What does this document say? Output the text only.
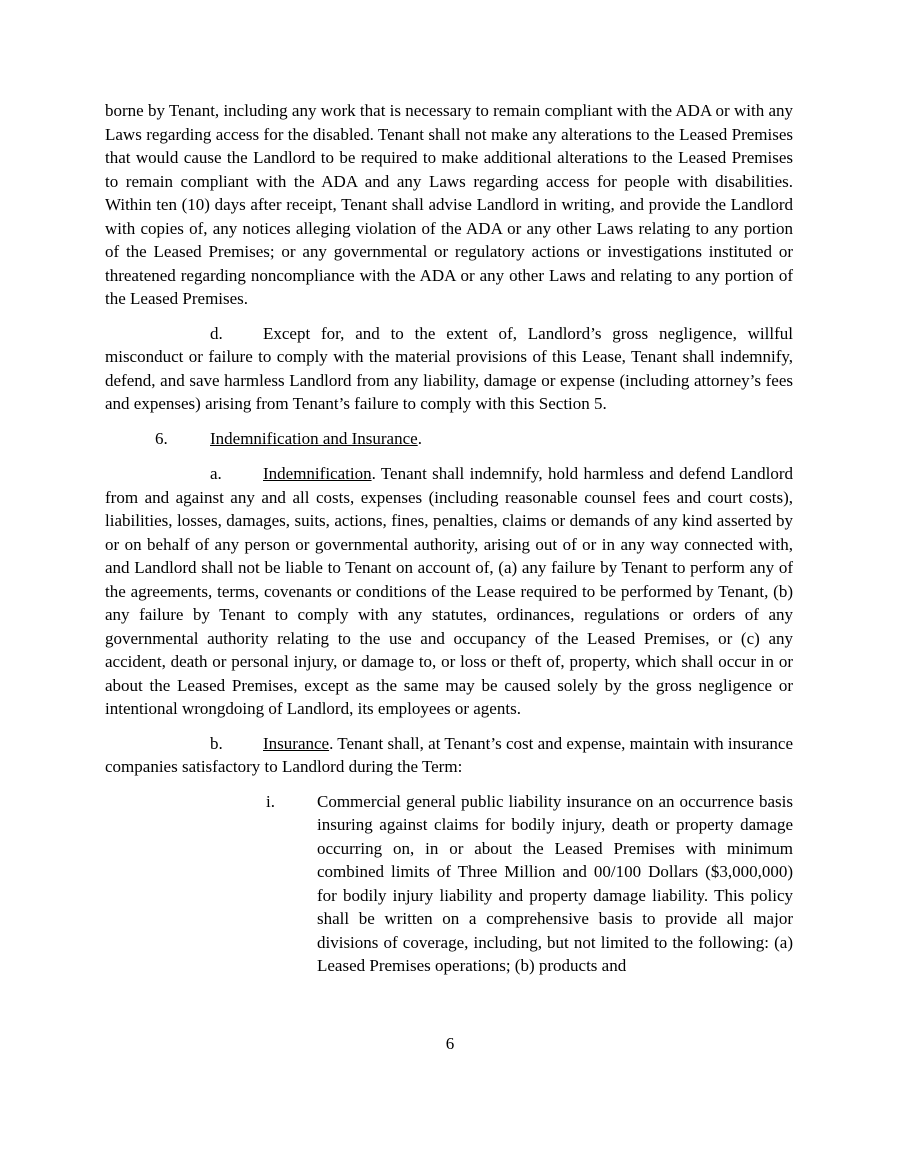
borne by Tenant, including any work that is necessary to remain compliant with the ADA or with any Laws regarding access for the disabled. Tenant shall not make any alterations to the Leased Premises that would cause the Landlord to be required to make additional alterations to the Leased Premises to remain compliant with the ADA and any Laws regarding access for people with disabilities. Within ten (10) days after receipt, Tenant shall advise Landlord in writing, and provide the Landlord with copies of, any notices alleging violation of the ADA or any other Laws relating to any portion of the Leased Premises; or any governmental or regulatory actions or investigations instituted or threatened regarding noncompliance with the ADA or any other Laws and relating to any portion of the Leased Premises.

d. Except for, and to the extent of, Landlord’s gross negligence, willful misconduct or failure to comply with the material provisions of this Lease, Tenant shall indemnify, defend, and save harmless Landlord from any liability, damage or expense (including attorney’s fees and expenses) arising from Tenant’s failure to comply with this Section 5.

6. Indemnification and Insurance.

a. Indemnification. Tenant shall indemnify, hold harmless and defend Landlord from and against any and all costs, expenses (including reasonable counsel fees and court costs), liabilities, losses, damages, suits, actions, fines, penalties, claims or demands of any kind asserted by or on behalf of any person or governmental authority, arising out of or in any way connected with, and Landlord shall not be liable to Tenant on account of, (a) any failure by Tenant to perform any of the agreements, terms, covenants or conditions of the Lease required to be performed by Tenant, (b) any failure by Tenant to comply with any statutes, ordinances, regulations or orders of any governmental authority relating to the use and occupancy of the Leased Premises, or (c) any accident, death or personal injury, or damage to, or loss or theft of, property, which shall occur in or about the Leased Premises, except as the same may be caused solely by the gross negligence or intentional wrongdoing of Landlord, its employees or agents.

b. Insurance. Tenant shall, at Tenant’s cost and expense, maintain with insurance companies satisfactory to Landlord during the Term:

i. Commercial general public liability insurance on an occurrence basis insuring against claims for bodily injury, death or property damage occurring on, in or about the Leased Premises with minimum combined limits of Three Million and 00/100 Dollars ($3,000,000) for bodily injury liability and property damage liability. This policy shall be written on a comprehensive basis to provide all major divisions of coverage, including, but not limited to the following: (a) Leased Premises operations; (b) products and

6
